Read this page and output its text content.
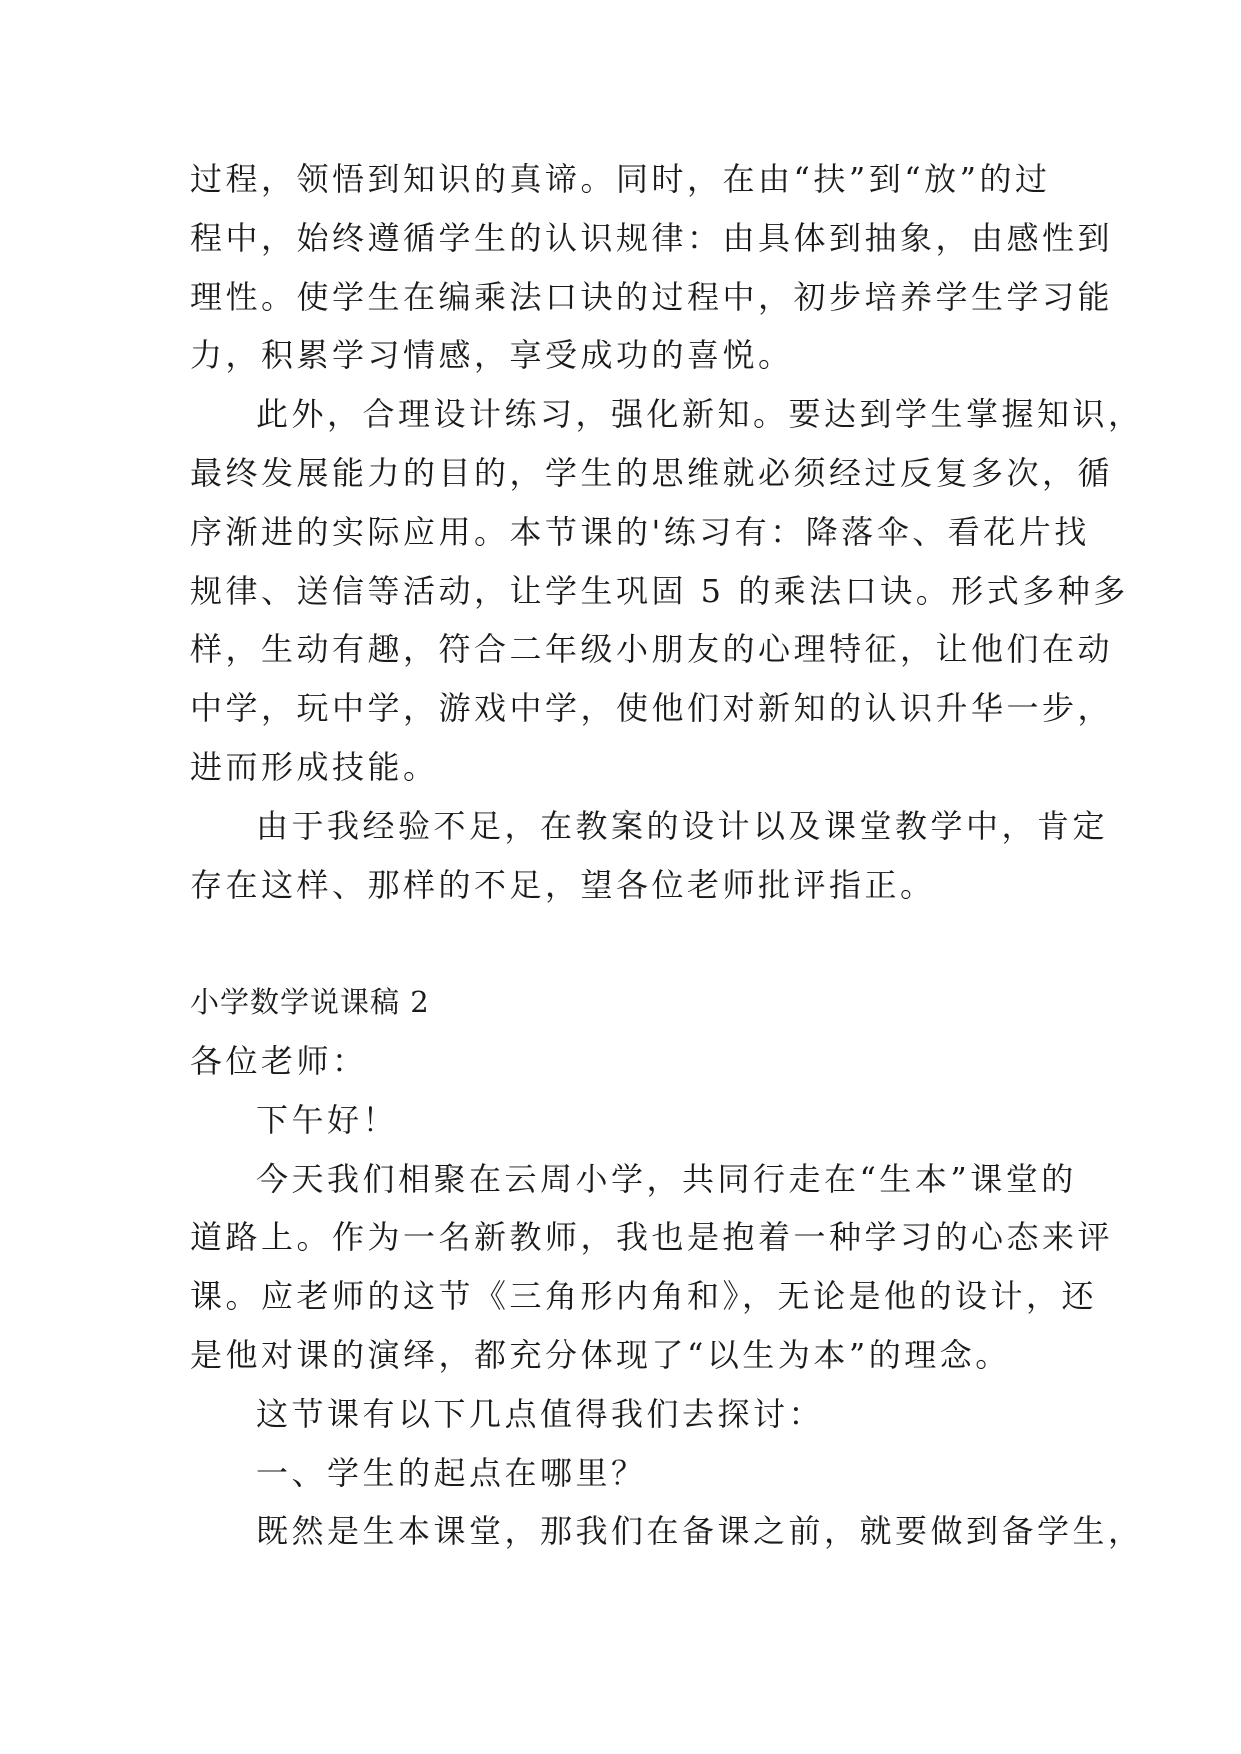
过程，领悟到知识的真谛。同时，在由“扶”到“放”的过
程中，始终遵循学生的认识规律：由具体到抽象，由感性到
理性。使学生在编乘法口诀的过程中，初步培养学生学习能
力，积累学习情感，享受成功的喜悦。
此外，合理设计练习，强化新知。要达到学生掌握知识，
最终发展能力的目的，学生的思维就必须经过反复多次，循
序渐进的实际应用。本节课的'练习有：降落伞、看花片找
规律、送信等活动，让学生巩固 5 的乘法口诀。形式多种多
样，生动有趣，符合二年级小朋友的心理特征，让他们在动
中学，玩中学，游戏中学，使他们对新知的认识升华一步，
进而形成技能。
由于我经验不足，在教案的设计以及课堂教学中，肯定
存在这样、那样的不足，望各位老师批评指正。
小学数学说课稿 2
各位老师：
下午好！
今天我们相聚在云周小学，共同行走在“生本”课堂的
道路上。作为一名新教师，我也是抱着一种学习的心态来评
课。应老师的这节《三角形内角和》，无论是他的设计，还
是他对课的演绎，都充分体现了“以生为本”的理念。
这节课有以下几点值得我们去探讨：
一、学生的起点在哪里？
既然是生本课堂，那我们在备课之前，就要做到备学生，
